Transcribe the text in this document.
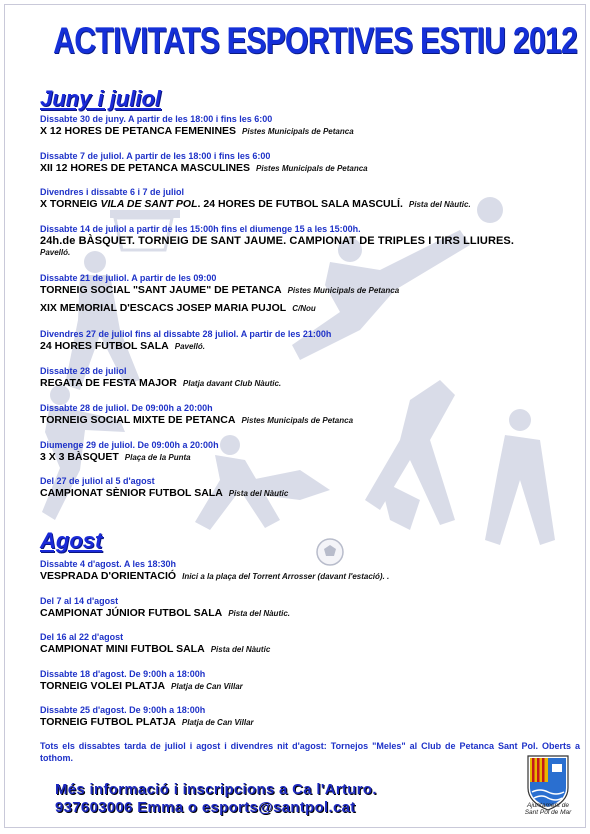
ACTIVITATS ESPORTIVES ESTIU 2012
Juny i juliol
Dissabte 30 de juny. A partir de les 18:00 i fins les 6:00
X 12 HORES DE PETANCA FEMENINES Pistes Municipals de Petanca
Dissabte 7 de juliol. A partir de les 18:00 i fins les 6:00
XII 12 HORES DE PETANCA MASCULINES Pistes Municipals de Petanca
Divendres i dissabte 6 i 7 de juliol
X TORNEIG VILA DE SANT POL. 24 HORES DE FUTBOL SALA MASCULÍ. Pista del Nàutic.
Dissabte 14 de juliol a partir de les 15:00h fins el diumenge 15 a les 15:00h.
24h.de BÀSQUET. TORNEIG DE SANT JAUME. CAMPIONAT DE TRIPLES I TIRS LLIURES.
Pavelló.
Dissabte 21 de juliol. A partir de les 09:00
TORNEIG SOCIAL "SANT JAUME" DE PETANCA Pistes Municipals de Petanca
XIX MEMORIAL D'ESCACS JOSEP MARIA PUJOL C/Nou
Divendres 27 de juliol fins al dissabte 28 juliol. A partir de les 21:00h
24 HORES FUTBOL SALA Pavelló.
Dissabte 28 de juliol
REGATA DE FESTA MAJOR Platja davant Club Nàutic.
Dissabte 28 de juliol. De 09:00h a 20:00h
TORNEIG SOCIAL MIXTE DE PETANCA Pistes Municipals de Petanca
Diumenge 29 de juliol. De 09:00h a 20:00h
3 X 3 BÀSQUET Plaça de la Punta
Del 27 de juliol al 5 d'agost
CAMPIONAT SÈNIOR FUTBOL SALA Pista del Nàutic
Agost
Dissabte 4 d'agost. A les 18:30h
VESPRADA D'ORIENTACIÓ Inici a la plaça del Torrent Arrosser (davant l'estació). .
Del 7 al 14 d'agost
CAMPIONAT JÚNIOR FUTBOL SALA Pista del Nàutic.
Del 16 al 22 d'agost
CAMPIONAT MINI FUTBOL SALA Pista del Nàutic
Dissabte 18 d'agost. De 9:00h a 18:00h
TORNEIG VOLEI PLATJA Platja de Can Villar
Dissabte 25 d'agost. De 9:00h a 18:00h
TORNEIG FUTBOL PLATJA Platja de Can Villar
Tots els dissabtes tarda de juliol i agost i divendres nit d'agost: Tornejos "Meles" al Club de Petanca Sant Pol. Oberts a tothom.
Més informació i inscripcions a Ca l'Arturo.
937603006 Emma o esports@santpol.cat	Ajuntament de
Sant Pol de Mar
